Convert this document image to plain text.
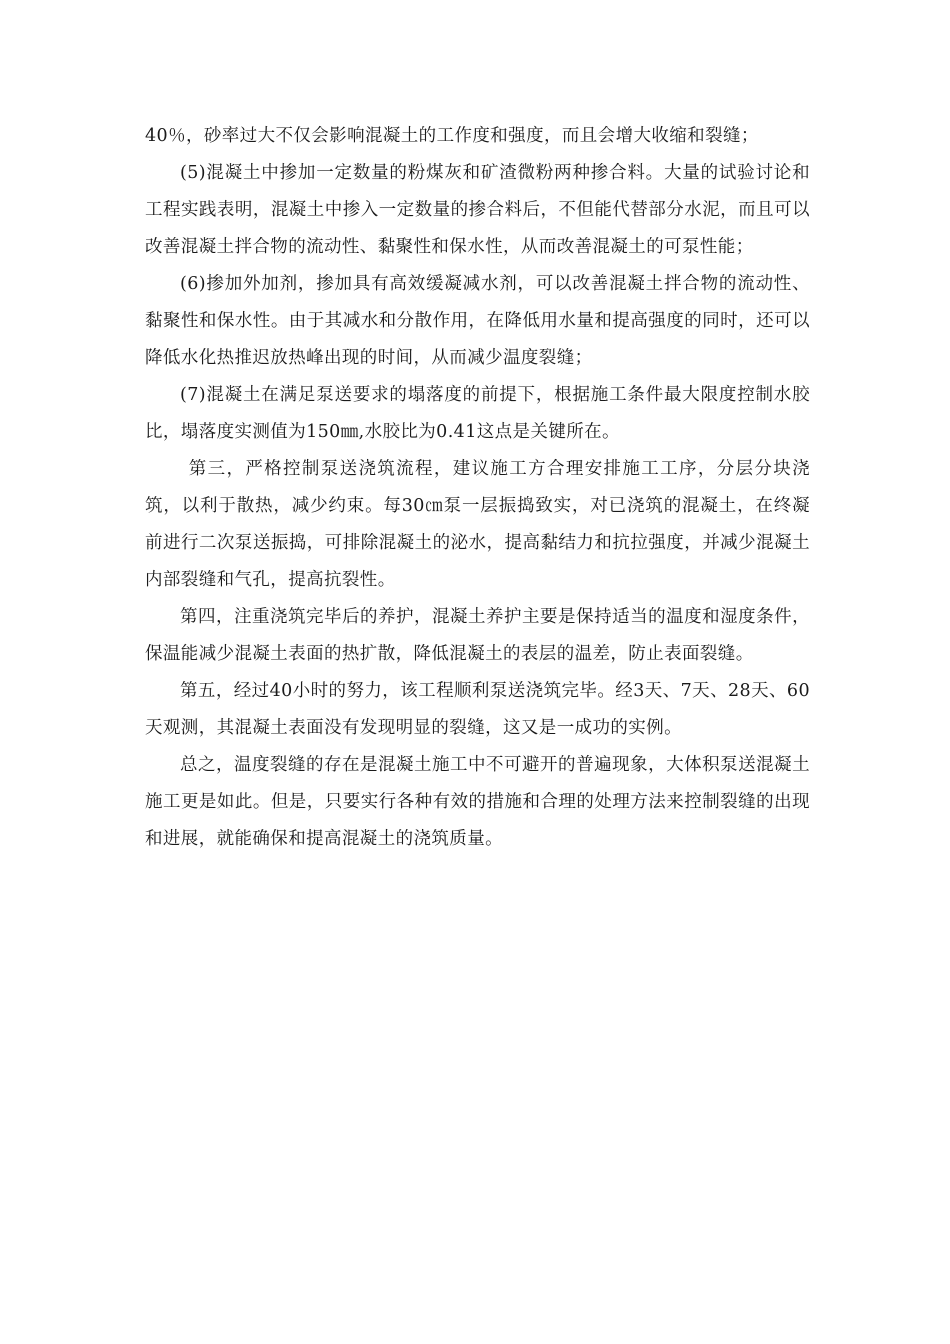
40％，砂率过大不仅会影响混凝土的工作度和强度，而且会增大收缩和裂缝；

(5)混凝土中掺加一定数量的粉煤灰和矿渣微粉两种掺合料。大量的试验讨论和工程实践表明，混凝土中掺入一定数量的掺合料后，不但能代替部分水泥，而且可以改善混凝土拌合物的流动性、黏聚性和保水性，从而改善混凝土的可泵性能；

(6)掺加外加剂，掺加具有高效缓凝减水剂，可以改善混凝土拌合物的流动性、黏聚性和保水性。由于其减水和分散作用，在降低用水量和提高强度的同时，还可以降低水化热推迟放热峰出现的时间，从而减少温度裂缝；

(7)混凝土在满足泵送要求的塌落度的前提下，根据施工条件最大限度控制水胶比，塌落度实测值为150㎜,水胶比为0.41这点是关键所在。

第三，严格控制泵送浇筑流程，建议施工方合理安排施工工序，分层分块浇筑，以利于散热，减少约束。每30㎝泵一层振捣致实，对已浇筑的混凝土，在终凝前进行二次泵送振捣，可排除混凝土的泌水，提高黏结力和抗拉强度，并减少混凝土内部裂缝和气孔，提高抗裂性。

第四，注重浇筑完毕后的养护，混凝土养护主要是保持适当的温度和湿度条件，保温能减少混凝土表面的热扩散，降低混凝土的表层的温差，防止表面裂缝。

第五，经过40小时的努力，该工程顺利泵送浇筑完毕。经3天、7天、28天、60天观测，其混凝土表面没有发现明显的裂缝，这又是一成功的实例。

总之，温度裂缝的存在是混凝土施工中不可避开的普遍现象，大体积泵送混凝土施工更是如此。但是，只要实行各种有效的措施和合理的处理方法来控制裂缝的出现和进展，就能确保和提高混凝土的浇筑质量。
